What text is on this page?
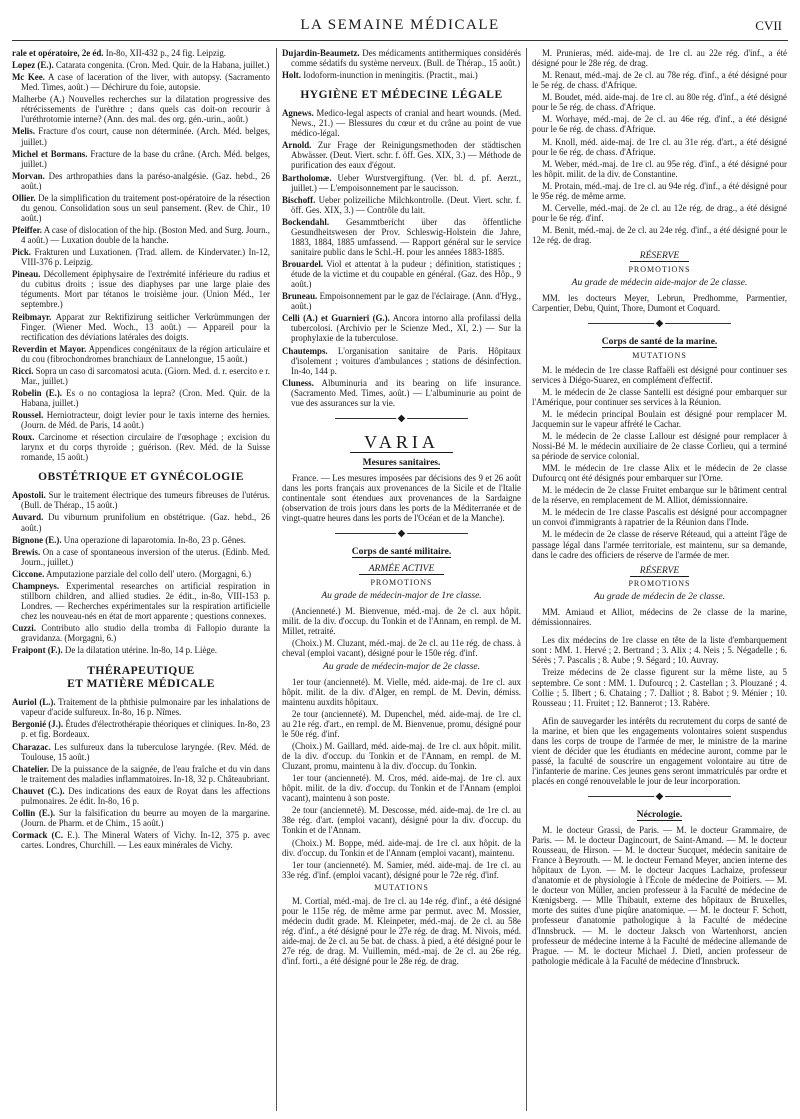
LA SEMAINE MÉDICALE	CVII

rale et opératoire, 2e éd. In-8o, XII-432 p., 24 fig. Leipzig.

Lopez (E.). Catarata congenita. (Cron. Med. Quir. de la Habana, juillet.)

Mc Kee. A case of laceration of the liver, with autopsy. (Sacramento Med. Times, août.) — Déchirure du foie, autopsie.

Malherbe (A.) Nouvelles recherches sur la dilatation progressive des rétrécissements de l'urèthre ; dans quels cas doit-on recourir à l'uréthrotomie interne? (Ann. des mal. des org. gén.-urin., août.)

Melis. Fracture d'os court, cause non déterminée. (Arch. Méd. belges, juillet.)

Michel et Bormans. Fracture de la base du crâne. (Arch. Méd. belges, juillet.)

Morvan. Des arthropathies dans la paréso-analgésie. (Gaz. hebd., 26 août.)

Ollier. De la simplification du traitement post-opératoire de la résection du genou. Consolidation sous un seul pansement. (Rev. de Chir., 10 août.)

Pfeiffer. A case of dislocation of the hip. (Boston Med. and Surg. Journ., 4 août.) — Luxation double de la hanche.

Pick. Frakturen und Luxationen. (Trad. allem. de Kindervater.) In-12, VIII-376 p. Leipzig.

Pineau. Décollement épiphysaire de l'extrémité inférieure du radius et du cubitus droits ; issue des diaphyses par une large plaie des téguments. Mort par tétanos le troisième jour. (Union Méd., 1er septembre.)

Reibmayr. Apparat zur Rektifizirung seitlicher Verkrümmungen der Finger. (Wiener Med. Woch., 13 août.) — Appareil pour la rectification des déviations latérales des doigts.

Reverdin et Mayor. Appendices congénitaux de la région articulaire et du cou (fibrochondromes branchiaux de Lannelongue, 15 août.)

Ricci. Sopra un caso di sarcomatosi acuta. (Giorn. Med. d. r. esercito e r. Mar., juillet.)

Robelin (E.). Es o no contagiosa la lepra? (Cron. Med. Quir. de la Habana, juillet.)

Roussel. Herniotracteur, doigt levier pour le taxis interne des hernies. (Journ. de Méd. de Paris, 14 août.)

Roux. Carcinome et résection circulaire de l'œsophage ; excision du larynx et du corps thyroïde ; guérison. (Rev. Méd. de la Suisse romande, 15 août.)

OBSTÉTRIQUE ET GYNÉCOLOGIE

Apostoli. Sur le traitement électrique des tumeurs fibreuses de l'utérus. (Bull. de Thérap., 15 août.)

Auvard. Du viburnum prunifolium en obstétrique. (Gaz. hebd., 26 août.)

Bignone (E.). Una operazione di laparotomia. In-8o, 23 p. Gênes.

Brewis. On a case of spontaneous inversion of the uterus. (Edinb. Med. Journ., juillet.)

Ciccone. Amputazione parziale del collo dell' utero. (Morgagni, 6.)

Champneys. Experimental researches on artificial respiration in stillborn children, and allied studies. 2e édit., in-8o, VIII-153 p. Londres. — Recherches expérimentales sur la respiration artificielle chez les nouveau-nés en état de mort apparente ; questions connexes.

Cuzzi. Contributo allo studio della tromba di Fallopio durante la gravidanza. (Morgagni, 6.)

Fraipont (F.). De la dilatation utérine. In-8o, 14 p. Liège.

THÉRAPEUTIQUE
ET MATIÈRE MÉDICALE

Auriol (L.). Traitement de la phthisie pulmonaire par les inhalations de vapeur d'acide sulfureux. In-8o, 16 p. Nîmes.

Bergonié (J.). Études d'électrothérapie théoriques et cliniques. In-8o, 23 p. et fig. Bordeaux.

Charazac. Les sulfureux dans la tuberculose laryngée. (Rev. Méd. de Toulouse, 15 août.)

Chatelier. De la puissance de la saignée, de l'eau fraîche et du vin dans le traitement des maladies inflammatoires. In-18, 32 p. Châteaubriant.

Chauvet (C.). Des indications des eaux de Royat dans les affections pulmonaires. 2e édit. In-8o, 16 p.

Collin (E.). Sur la falsification du beurre au moyen de la margarine. (Journ. de Pharm. et de Chim., 15 août.)

Cormack (C. E.). The Mineral Waters of Vichy. In-12, 375 p. avec cartes. Londres, Churchill. — Les eaux minérales de Vichy.

Dujardin-Beaumetz. Des médicaments antithermiques considérés comme sédatifs du système nerveux. (Bull. de Thérap., 15 août.)

Holt. Iodoform-inunction in meningitis. (Practit., mai.)

HYGIÈNE ET MÉDECINE LÉGALE

Agnews. Medico-legal aspects of cranial and heart wounds. (Med. News., 21.) — Blessures du cœur et du crâne au point de vue médico-légal.

Arnold. Zur Frage der Reinigungsmethoden der städtischen Abwässer. (Deut. Viert. schr. f. öff. Ges. XIX, 3.) — Méthode de purification des eaux d'égout.

Bartholomæ. Ueber Wurstvergiftung. (Ver. bl. d. pf. Aerzt., juillet.) — L'empoisonnement par le saucisson.

Bischoff. Ueber polizeiliche Milchkontrolle. (Deut. Viert. schr. f. öff. Ges. XIX, 3.) — Contrôle du lait.

Bockendahl. Gesammtbericht über das öffentliche Gesundheitswesen der Prov. Schleswig-Holstein die Jahre, 1883, 1884, 1885 umfassend. — Rapport général sur le service sanitaire public dans le Schl.-H. pour les années 1883-1885.

Brouardel. Viol et attentat à la pudeur ; définition, statistiques ; étude de la victime et du coupable en général. (Gaz. des Hôp., 9 août.)

Bruneau. Empoisonnement par le gaz de l'éclairage. (Ann. d'Hyg., août.)

Celli (A.) et Guarnieri (G.). Ancora intorno alla profilassi della tubercolosi. (Archivio per le Scienze Med., XI, 2.) — Sur la prophylaxie de la tuberculose.

Chautemps. L'organisation sanitaire de Paris. Hôpitaux d'isolement ; voitures d'ambulances ; stations de désinfection. In-4o, 144 p.

Cluness. Albuminuria and its bearing on life insurance. (Sacramento Med. Times, août.) — L'albuminurie au point de vue des assurances sur la vie.

◆
VARIA
Mesures sanitaires.

France. — Les mesures imposées par décisions des 9 et 26 août dans les ports français aux provenances de la Sicile et de l'Italie continentale sont étendues aux provenances de la Sardaigne (observation de trois jours dans les ports de la Méditerranée et de vingt-quatre heures dans les ports de l'Océan et de la Manche).

◆
Corps de santé militaire.
ARMÉE ACTIVE
PROMOTIONS
Au grade de médecin-major de 1re classe.

(Ancienneté.) M. Bienvenue, méd.-maj. de 2e cl. aux hôpit. milit. de la div. d'occup. du Tonkin et de l'Annam, en rempl. de M. Millet, retraité.

(Choix.) M. Cluzant, méd.-maj. de 2e cl. au 11e rég. de chass. à cheval (emploi vacant), désigné pour le 150e rég. d'inf.

Au grade de médecin-major de 2e classe.

1er tour (ancienneté). M. Vielle, méd. aide-maj. de 1re cl. aux hôpit. milit. de la div. d'Alger, en rempl. de M. Devin, démiss. maintenu auxdits hôpitaux.

2e tour (ancienneté). M. Dupenchel, méd. aide-maj. de 1re cl. au 21e rég. d'art., en rempl. de M. Bienvenue, promu, désigné pour le 50e rég. d'inf.

(Choix.) M. Gaillard, méd. aide-maj. de 1re cl. aux hôpit. milit. de la div. d'occup. du Tonkin et de l'Annam, en rempl. de M. Cluzant, promu, maintenu à la div. d'occup. du Tonkin.

1er tour (ancienneté). M. Cros, méd. aide-maj. de 1re cl. aux hôpit. milit. de la div. d'occup. du Tonkin et de l'Annam (emploi vacant), maintenu à son poste.

2e tour (ancienneté). M. Descosse, méd. aide-maj. de 1re cl. au 38e rég. d'art. (emploi vacant), désigné pour la div. d'occup. du Tonkin et de l'Annam.

(Choix.) M. Boppe, méd. aide-maj. de 1re cl. aux hôpit. de la div. d'occup. du Tonkin et de l'Annam (emploi vacant), maintenu.

1er tour (ancienneté). M. Samier, méd. aide-maj. de 1re cl. au 33e rég. d'inf. (emploi vacant), désigné pour le 72e rég. d'inf.

MUTATIONS

M. Cortial, méd.-maj. de 1re cl. au 14e rég. d'inf., a été désigné pour le 115e rég. de même arme par permut. avec M. Mossier, médecin dudit grade. M. Kleinpeter, méd.-maj. de 2e cl. au 58e rég. d'inf., a été désigné pour le 27e rég. de drag. M. Nivois, méd. aide-maj. de 2e cl. au 5e bat. de chass. à pied, a été désigné pour le 27e rég. de drag. M. Vuillemin, méd.-maj. de 2e cl. au 26e rég. d'inf. forti., a été désigné pour le 28e rég. de drag.

M. Prunieras, méd. aide-maj. de 1re cl. au 22e rég. d'inf., a été désigné pour le 28e rég. de drag.

M. Renaut, méd.-maj. de 2e cl. au 78e rég. d'inf., a été désigné pour le 5e rég. de chass. d'Afrique.

M. Boudet, méd. aide-maj. de 1re cl. au 80e rég. d'inf., a été désigné pour le 5e rég. de chass. d'Afrique.

M. Worhaye, méd.-maj. de 2e cl. au 46e rég. d'inf., a été désigné pour le 6e rég. de chass. d'Afrique.

M. Knoll, méd. aide-maj. de 1re cl. au 31e rég. d'art., a été désigné pour le 6e rég. de chass. d'Afrique.

M. Weber, méd.-maj. de 1re cl. au 95e rég. d'inf., a été désigné pour les hôpit. milit. de la div. de Constantine.

M. Protain, méd.-maj. de 1re cl. au 94e rég. d'inf., a été désigné pour le 95e rég. de même arme.

M. Cervelle, méd.-maj. de 2e cl. au 12e rég. de drag., a été désigné pour le 6e rég. d'inf.

M. Benit, méd.-maj. de 2e cl. au 24e rég. d'inf., a été désigné pour le 12e rég. de drag.

RÉSERVE
PROMOTIONS
Au grade de médecin aide-major de 2e classe.

MM. les docteurs Meyer, Lebrun, Predhomme, Parmentier, Carpentier, Debu, Quint, Thore, Dumont et Coquard.

◆
Corps de santé de la marine.
MUTATIONS

M. le médecin de 1re classe Raffaëli est désigné pour continuer ses services à Diégo-Suarez, en complément d'effectif.

M. le médecin de 2e classe Santelli est désigné pour embarquer sur l'Amérique, pour continuer ses services à la Réunion.

M. le médecin principal Boulain est désigné pour remplacer M. Jacquemin sur le vapeur affrété le Cachar.

M. le médecin de 2e classe Lallour est désigné pour remplacer à Nossi-Bé M. le médecin auxiliaire de 2e classe Corlieu, qui a terminé sa période de service colonial.

MM. le médecin de 1re classe Alix et le médecin de 2e classe Dufourcq ont été désignés pour embarquer sur l'Orne.

M. le médecin de 2e classe Fruitet embarque sur le bâtiment central de la réserve, en remplacement de M. Alliot, démissionnaire.

M. le médecin de 1re classe Pascalis est désigné pour accompagner un convoi d'immigrants à rapatrier de la Réunion dans l'Inde.

M. le médecin de 2e classe de réserve Réteaud, qui a atteint l'âge de passage légal dans l'armée territoriale, est maintenu, sur sa demande, dans le cadre des officiers de réserve de l'armée de mer.

RÉSERVE
PROMOTIONS
Au grade de médecin de 2e classe.

MM. Amiaud et Alliot, médecins de 2e classe de la marine, démissionnaires.

Les dix médecins de 1re classe en tête de la liste d'embarquement sont : MM. 1. Hervé ; 2. Bertrand ; 3. Alix ; 4. Neis ; 5. Négadelle ; 6. Sérès ; 7. Pascalis ; 8. Aube ; 9. Ségard ; 10. Auvray.

Treize médecins de 2e classe figurent sur la même liste, au 5 septembre. Ce sont : MM. 1. Dufourcq ; 2. Castellan ; 3. Plouzané ; 4. Collie ; 5. Ilbert ; 6. Chataing ; 7. Dalliot ; 8. Babot ; 9. Ménier ; 10. Rousseau ; 11. Fruitet ; 12. Bannerot ; 13. Rabère.

Afin de sauvegarder les intérêts du recrutement du corps de santé de la marine, et bien que les engagements volontaires soient suspendus dans les corps de troupe de l'armée de mer, le ministre de la marine vient de décider que les étudiants en médecine auront, comme par le passé, la faculté de souscrire un engagement volontaire au titre de l'infanterie de marine. Ces jeunes gens seront immatriculés par ordre et placés en congé renouvelable le jour de leur incorporation.

◆
Nécrologie.

M. le docteur Grassi, de Paris. — M. le docteur Grammaire, de Paris. — M. le docteur Dagincourt, de Saint-Amand. — M. le docteur Rousseau, de Hirson. — M. le docteur Sucquet, médecin sanitaire de France à Beyrouth. — M. le docteur Fernand Meyer, ancien interne des hôpitaux de Lyon. — M. le docteur Jacques Lachaize, professeur d'anatomie et de physiologie à l'École de médecine de Poitiers. — M. le docteur von Müller, ancien professeur à la Faculté de médecine de Kœnigsberg. — Mlle Thibault, externe des hôpitaux de Bruxelles, morte des suites d'une piqûre anatomique. — M. le docteur F. Schott, professeur d'anatomie pathologique à la Faculté de médecine d'Innsbruck. — M. le docteur Jaksch von Wartenhorst, ancien professeur de médecine interne à la Faculté de médecine allemande de Prague. — M. le docteur Michael J. Dietl, ancien professeur de pathologie médicale à la Faculté de médecine d'Innsbruck.
